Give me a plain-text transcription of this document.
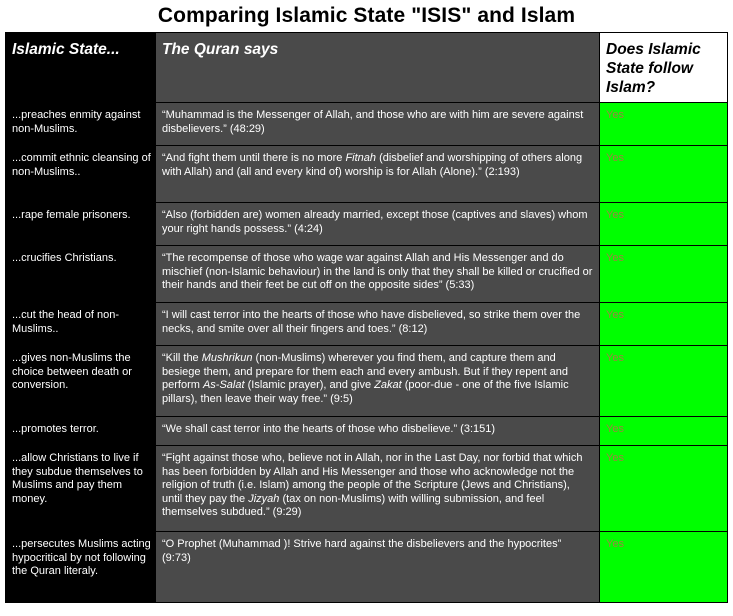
Comparing Islamic State "ISIS" and Islam
Islamic State...	The Quran says	Does Islamic State follow Islam?

...preaches enmity against non-Muslims.	“Muhammad is the Messenger of Allah, and those who are with him are severe against disbelievers.” (48:29)	Yes

...commit ethnic cleansing of non-Muslims..	“And fight them until there is no more Fitnah (disbelief and worshipping of others along with Allah) and (all and every kind of) worship is for Allah (Alone).” (2:193)	Yes

...rape female prisoners.	“Also (forbidden are) women already married, except those (captives and slaves) whom your right hands possess.” (4:24)	Yes

...crucifies Christians.	“The recompense of those who wage war against Allah and His Messenger and do mischief (non-Islamic behaviour) in the land is only that they shall be killed or crucified or their hands and their feet be cut off on the opposite sides” (5:33)	Yes

...cut the head of non-Muslims..	“I will cast terror into the hearts of those who have disbelieved, so strike them over the necks, and smite over all their fingers and toes.” (8:12)	Yes

...gives non-Muslims the choice between death or conversion.	“Kill the Mushrikun (non-Muslims) wherever you find them, and capture them and besiege them, and prepare for them each and every ambush. But if they repent and perform As-Salat (Islamic prayer), and give Zakat (poor-due - one of the five Islamic pillars), then leave their way free.” (9:5)	Yes

...promotes terror.	“We shall cast terror into the hearts of those who disbelieve.” (3:151)	Yes

...allow Christians to live if they subdue themselves to Muslims and pay them money.	“Fight against those who, believe not in Allah, nor in the Last Day, nor forbid that which has been forbidden by Allah and His Messenger and those who acknowledge not the religion of truth (i.e. Islam) among the people of the Scripture (Jews and Christians), until they pay the Jizyah (tax on non-Muslims) with willing submission, and feel themselves subdued.” (9:29)	Yes

...persecutes Muslims acting hypocritical by not following the Quran literaly.	“O Prophet (Muhammad )! Strive hard against the disbelievers and the hypocrites” (9:73)	Yes
